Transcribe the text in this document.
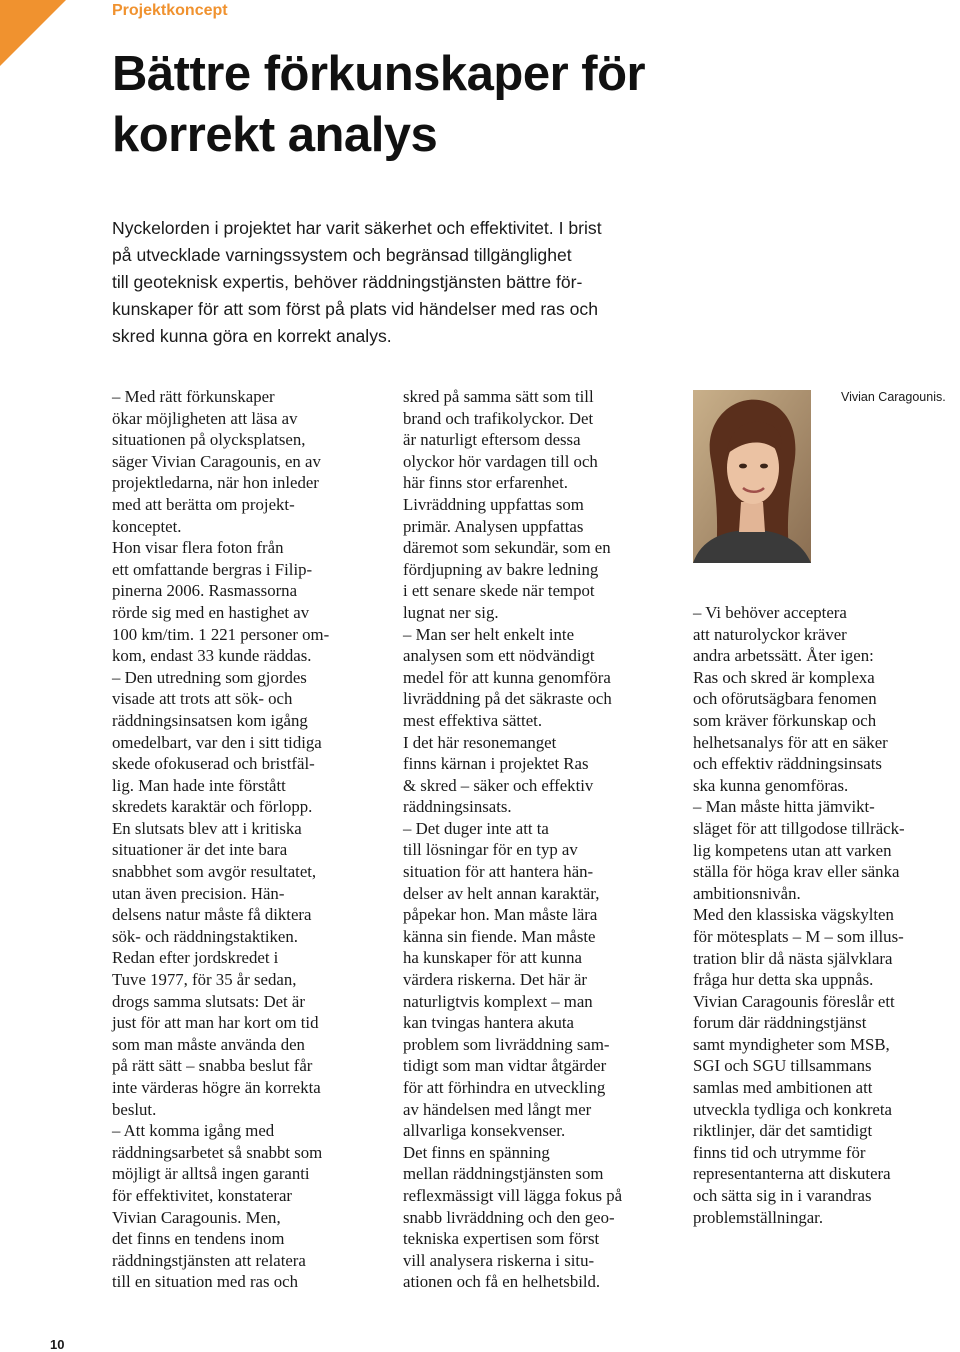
Projektkoncept
Bättre förkunskaper för
korrekt analys
Nyckelorden i projektet har varit säkerhet och effektivitet. I brist
på utvecklade varningssystem och begränsad tillgänglighet
till geoteknisk expertis, behöver räddningstjänsten bättre för-
kunskaper för att som först på plats vid händelser med ras och
skred kunna göra en korrekt analys.
– Med rätt förkunskaper
ökar möjligheten att läsa av
situationen på olycksplatsen,
säger Vivian Caragounis, en av
projektledarna, när hon inleder
med att berätta om projekt-
konceptet.
Hon visar flera foton från
ett omfattande bergras i Filip-
pinerna 2006. Rasmassorna
rörde sig med en hastighet av
100 km/tim. 1 221 personer om-
kom, endast 33 kunde räddas.
– Den utredning som gjordes
visade att trots att sök- och
räddningsinsatsen kom igång
omedelbart, var den i sitt tidiga
skede ofokuserad och bristfäl-
lig. Man hade inte förstått
skredets karaktär och förlopp.
En slutsats blev att i kritiska
situationer är det inte bara
snabbhet som avgör resultatet,
utan även precision. Hän-
delsens natur måste få diktera
sök- och räddningstaktiken.
Redan efter jordskredet i
Tuve 1977, för 35 år sedan,
drogs samma slutsats: Det är
just för att man har kort om tid
som man måste använda den
på rätt sätt – snabba beslut får
inte värderas högre än korrekta
beslut.
– Att komma igång med
räddningsarbetet så snabbt som
möjligt är alltså ingen garanti
för effektivitet, konstaterar
Vivian Caragounis. Men,
det finns en tendens inom
räddningstjänsten att relatera
till en situation med ras och
skred på samma sätt som till
brand och trafikolyckor. Det
är naturligt eftersom dessa
olyckor hör vardagen till och
här finns stor erfarenhet.
Livräddning uppfattas som
primär. Analysen uppfattas
däremot som sekundär, som en
fördjupning av bakre ledning
i ett senare skede när tempot
lugnat ner sig.
– Man ser helt enkelt inte
analysen som ett nödvändigt
medel för att kunna genomföra
livräddning på det säkraste och
mest effektiva sättet.
I det här resonemanget
finns kärnan i projektet Ras
& skred – säker och effektiv
räddningsinsats.
– Det duger inte att ta
till lösningar för en typ av
situation för att hantera hän-
delser av helt annan karaktär,
påpekar hon. Man måste lära
känna sin fiende. Man måste
ha kunskaper för att kunna
värdera riskerna. Det här är
naturligtvis komplext – man
kan tvingas hantera akuta
problem som livräddning sam-
tidigt som man vidtar åtgärder
för att förhindra en utveckling
av händelsen med långt mer
allvarliga konsekvenser.
Det finns en spänning
mellan räddningstjänsten som
reflexmässigt vill lägga fokus på
snabb livräddning och den geo-
tekniska expertisen som först
vill analysera riskerna i situ-
ationen och få en helhetsbild.
– Vi behöver acceptera
att naturolyckor kräver
andra arbetssätt. Åter igen:
Ras och skred är komplexa
och oförutsägbara fenomen
som kräver förkunskap och
helhetsanalys för att en säker
och effektiv räddningsinsats
ska kunna genomföras.
– Man måste hitta jämvikt-
släget för att tillgodose tillräck-
lig kompetens utan att varken
ställa för höga krav eller sänka
ambitionsnivån.
Med den klassiska vägskylten
för mötesplats – M – som illus-
tration blir då nästa självklara
fråga hur detta ska uppnås.
Vivian Caragounis föreslår ett
forum där räddningstjänst
samt myndigheter som MSB,
SGI och SGU tillsammans
samlas med ambitionen att
utveckla tydliga och konkreta
riktlinjer, där det samtidigt
finns tid och utrymme för
representanterna att diskutera
och sätta sig in i varandras
problemställningar.
Vivian Caragounis.
10
